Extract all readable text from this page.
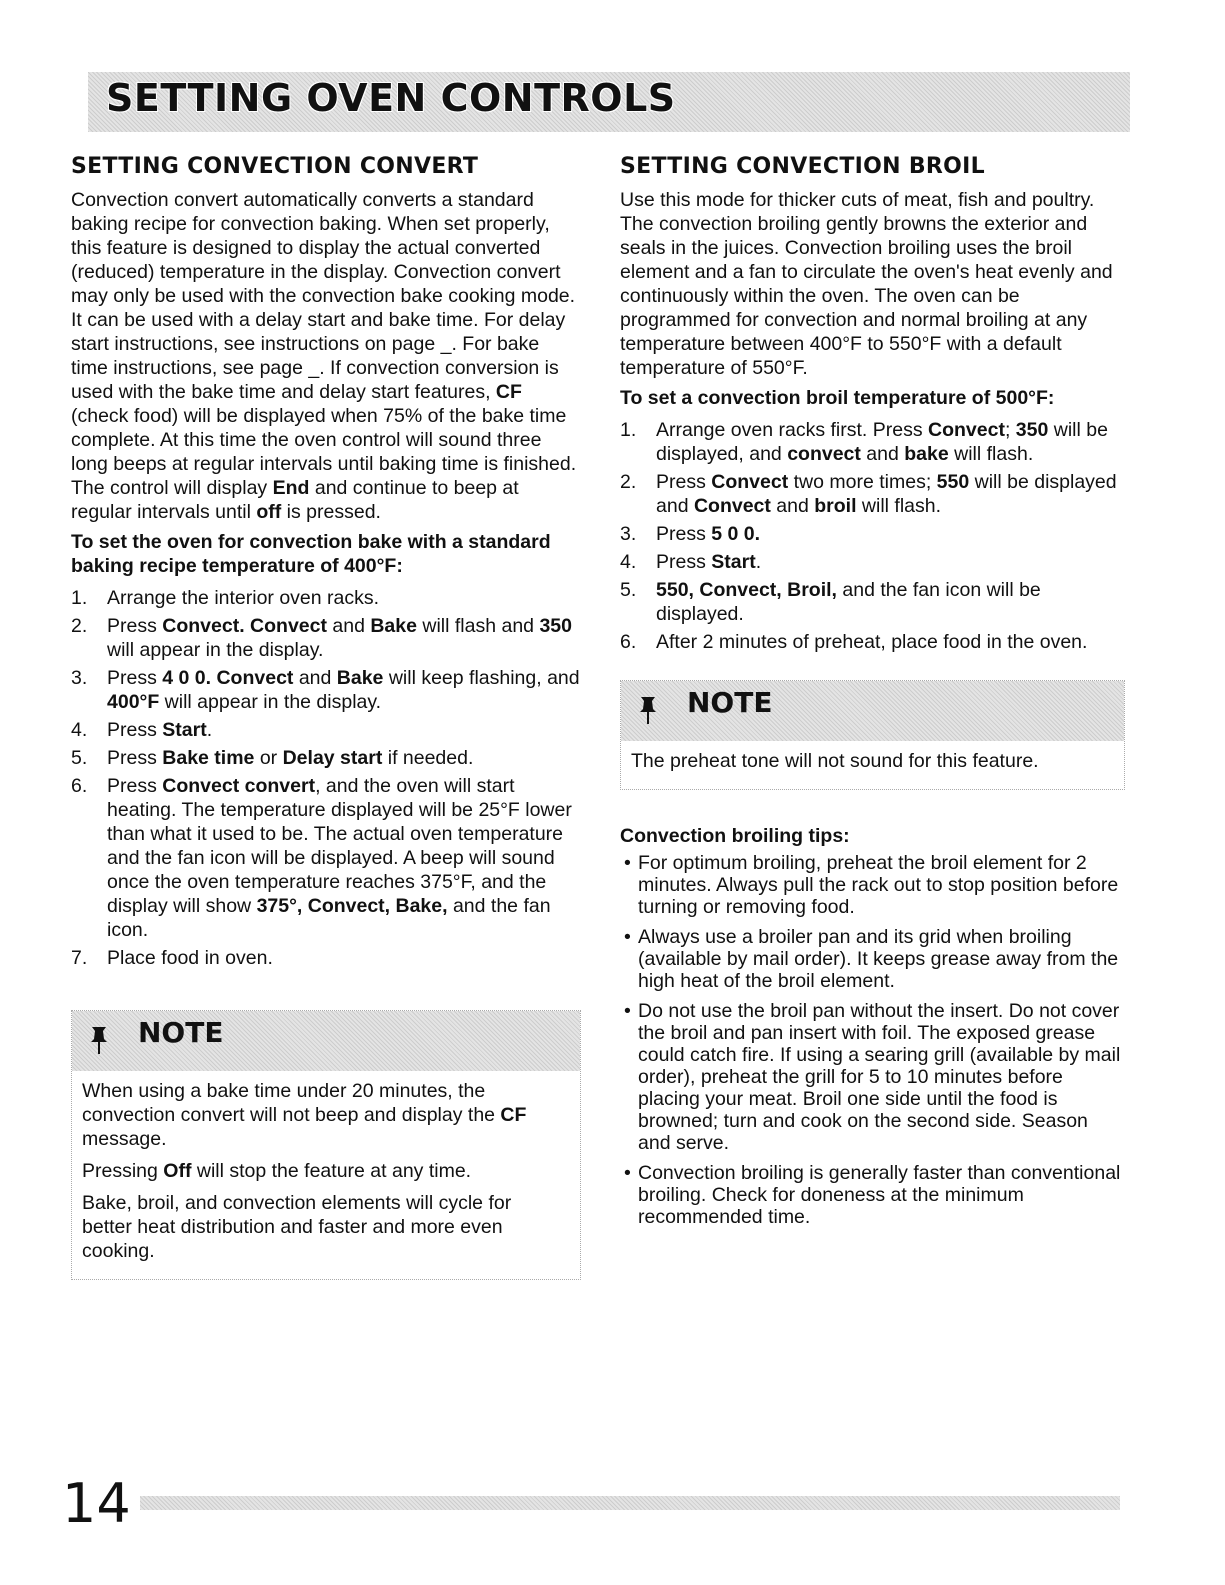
SETTING OVEN CONTROLS
SETTING CONVECTION CONVERT

Convection convert automatically converts a standard baking recipe for convection baking. When set properly, this feature is designed to display the actual converted (reduced) temperature in the display. Convection convert may only be used with the convection bake cooking mode. It can be used with a delay start and bake time. For delay start instructions, see instructions on page _. For bake time instructions, see page _. If convection conversion is used with the bake time and delay start features, CF (check food) will be displayed when 75% of the bake time complete. At this time the oven control will sound three long beeps at regular intervals until baking time is finished. The control will display End and continue to beep at regular intervals until off is pressed.

To set the oven for convection bake with a standard baking recipe temperature of 400°F:
1. Arrange the interior oven racks.
2. Press Convect. Convect and Bake will flash and 350 will appear in the display.
3. Press 4 0 0. Convect and Bake will keep flashing, and 400°F will appear in the display.
4. Press Start.
5. Press Bake time or Delay start if needed.
6. Press Convect convert, and the oven will start heating. The temperature displayed will be 25°F lower than what it used to be. The actual oven temperature and the fan icon will be displayed. A beep will sound once the oven temperature reaches 375°F, and the display will show 375°, Convect, Bake, and the fan icon.
7. Place food in oven.
NOTE

When using a bake time under 20 minutes, the convection convert will not beep and display the CF message.

Pressing Off will stop the feature at any time.

Bake, broil, and convection elements will cycle for better heat distribution and faster and more even cooking.

SETTING CONVECTION BROIL

Use this mode for thicker cuts of meat, fish and poultry. The convection broiling gently browns the exterior and seals in the juices. Convection broiling uses the broil element and a fan to circulate the oven's heat evenly and continuously within the oven. The oven can be programmed for convection and normal broiling at any temperature between 400°F to 550°F with a default temperature of 550°F.

To set a convection broil temperature of 500°F:
1. Arrange oven racks first. Press Convect; 350 will be displayed, and convect and bake will flash.
2. Press Convect two more times; 550 will be displayed and Convect and broil will flash.
3. Press 5 0 0.
4. Press Start.
5. 550, Convect, Broil, and the fan icon will be displayed.
6. After 2 minutes of preheat, place food in the oven.
NOTE

The preheat tone will not sound for this feature.

Convection broiling tips:
• For optimum broiling, preheat the broil element for 2 minutes. Always pull the rack out to stop position before turning or removing food.
• Always use a broiler pan and its grid when broiling (available by mail order). It keeps grease away from the high heat of the broil element.
• Do not use the broil pan without the insert. Do not cover the broil and pan insert with foil. The exposed grease could catch fire. If using a searing grill (available by mail order), preheat the grill for 5 to 10 minutes before placing your meat. Broil one side until the food is browned; turn and cook on the second side. Season and serve.
• Convection broiling is generally faster than conventional broiling. Check for doneness at the minimum recommended time.
14
